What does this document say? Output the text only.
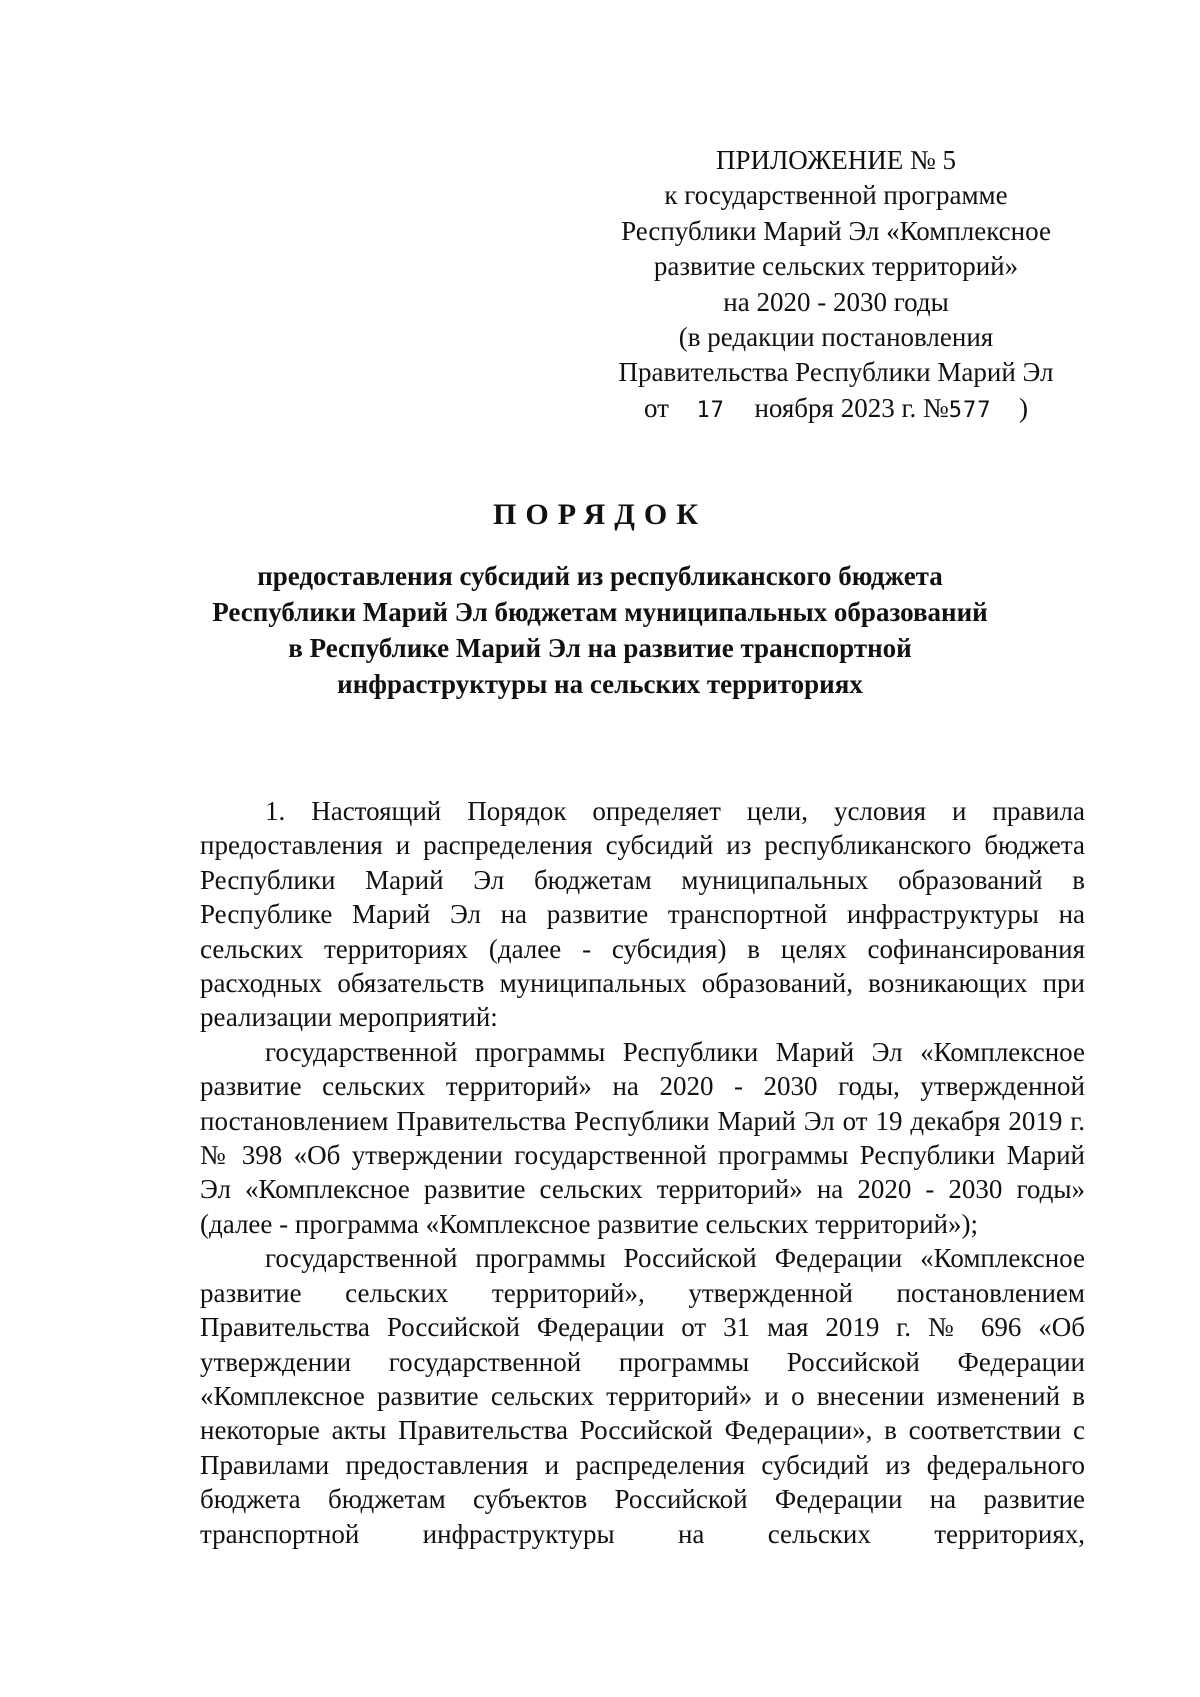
ПРИЛОЖЕНИЕ № 5
к государственной программе
Республики Марий Эл «Комплексное
развитие сельских территорий»
на 2020 - 2030 годы
(в редакции постановления
Правительства Республики Марий Эл
от 17 ноября 2023 г. №577 )
ПОРЯДОК
предоставления субсидий из республиканского бюджета
Республики Марий Эл бюджетам муниципальных образований
в Республике Марий Эл на развитие транспортной
инфраструктуры на сельских территориях

1. Настоящий Порядок определяет цели, условия и правила предоставления и распределения субсидий из республиканского бюджета Республики Марий Эл бюджетам муниципальных образований в Республике Марий Эл на развитие транспортной инфраструктуры на сельских территориях (далее - субсидия) в целях софинансирования расходных обязательств муниципальных образований, возникающих при реализации мероприятий:

государственной программы Республики Марий Эл «Комплексное развитие сельских территорий» на 2020 - 2030 годы, утвержденной постановлением Правительства Республики Марий Эл от 19 декабря 2019 г. № 398 «Об утверждении государственной программы Республики Марий Эл «Комплексное развитие сельских территорий» на 2020 - 2030 годы» (далее - программа «Комплексное развитие сельских территорий»);

государственной программы Российской Федерации «Комплексное развитие сельских территорий», утвержденной постановлением Правительства Российской Федерации от 31 мая 2019 г. № 696 «Об утверждении государственной программы Российской Федерации «Комплексное развитие сельских территорий» и о внесении изменений в некоторые акты Правительства Российской Федерации», в соответствии с Правилами предоставления и распределения субсидий из федерального бюджета бюджетам субъектов Российской Федерации на развитие транспортной инфраструктуры на сельских территориях,
